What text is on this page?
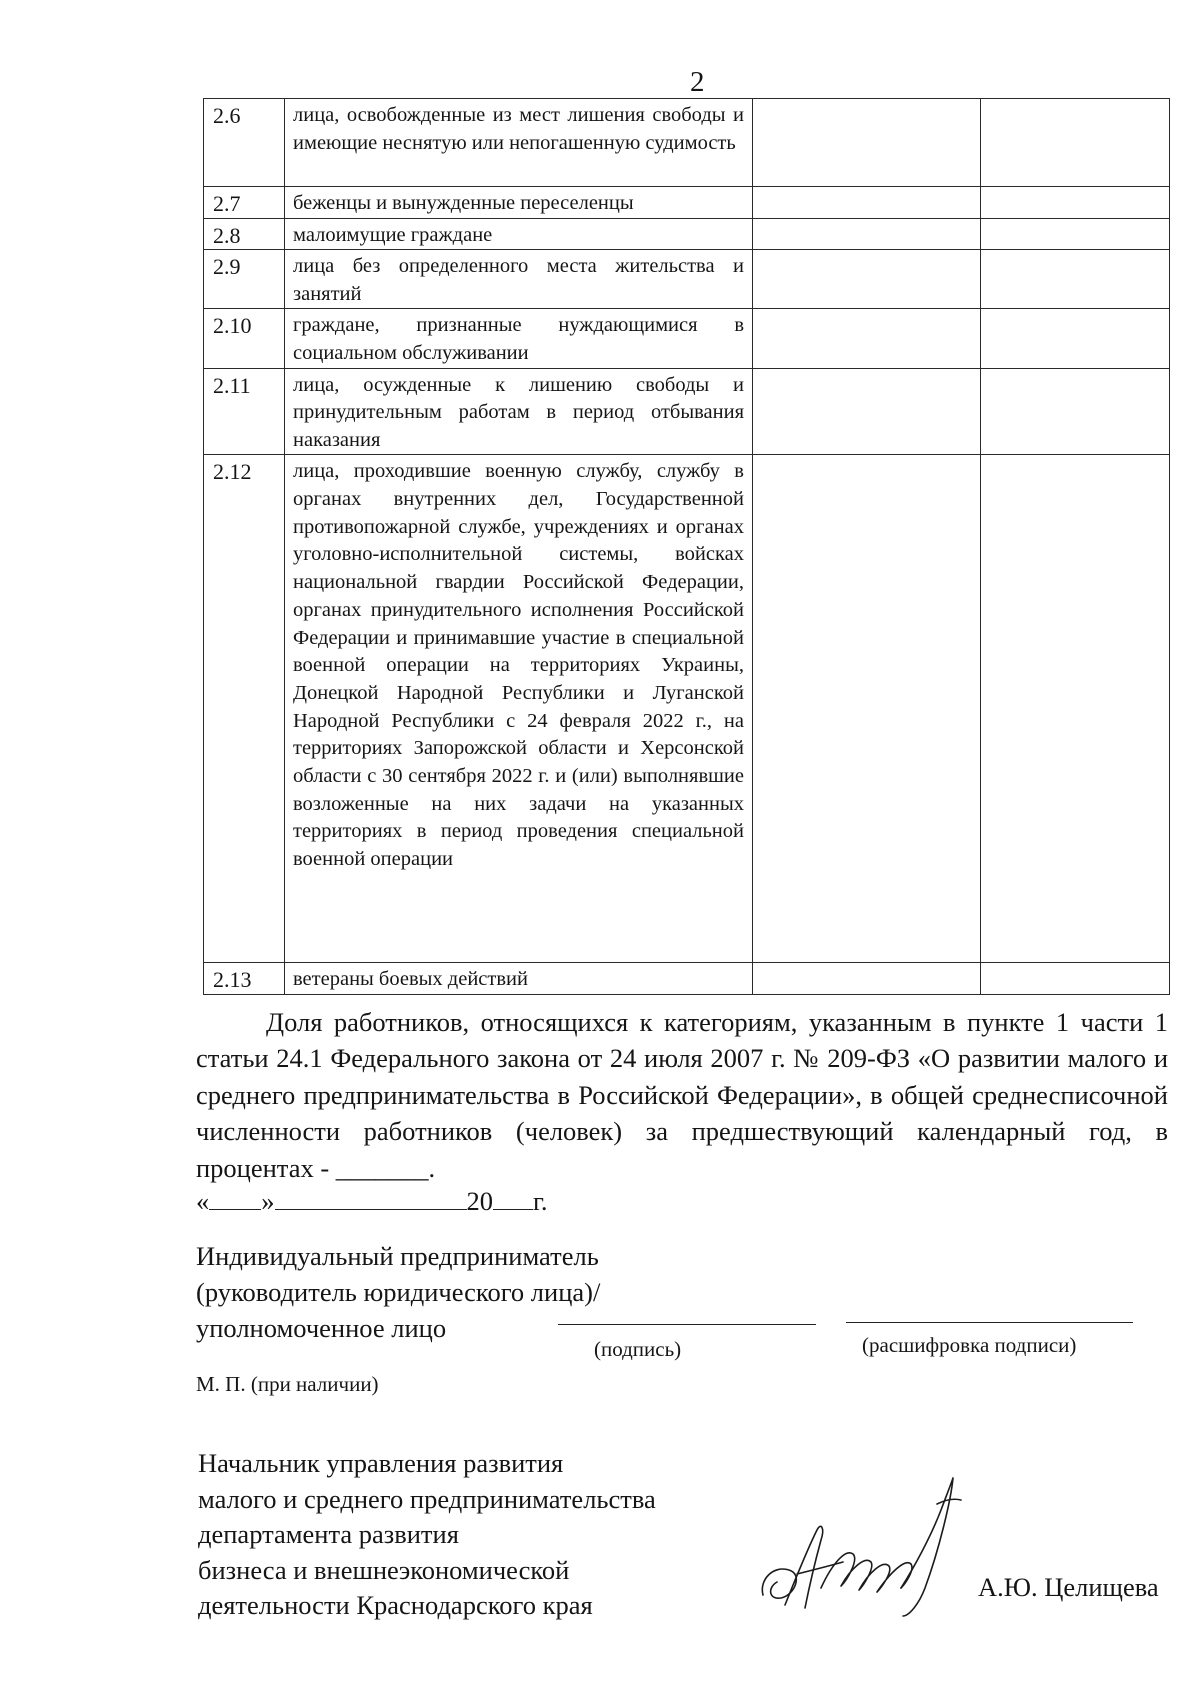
2
2.6	лица, освобожденные из мест лишения свободы и имеющие неснятую или непогашенную судимость		
2.7	беженцы и вынужденные переселенцы		
2.8	малоимущие граждане		
2.9	лица без определенного места жительства и занятий		
2.10	граждане, признанные нуждающимися в социальном обслуживании		
2.11	лица, осужденные к лишению свободы и принудительным работам в период отбывания наказания		
2.12	лица, проходившие военную службу, службу в органах внутренних дел, Государственной противопожарной службе, учреждениях и органах уголовно-исполнительной системы, войсках национальной гвардии Российской Федерации, органах принудительного исполнения Российской Федерации и принимавшие участие в специальной военной операции на территориях Украины, Донецкой Народной Республики и Луганской Народной Республики с 24 февраля 2022 г., на территориях Запорожской области и Херсонской области с 30 сентября 2022 г. и (или) выполнявшие возложенные на них задачи на указанных территориях в период проведения специальной военной операции		
2.13	ветераны боевых действий		
Доля работников, относящихся к категориям, указанным в пункте 1 части 1 статьи 24.1 Федерального закона от 24 июля 2007 г. № 209-ФЗ «О развитии малого и среднего предпринимательства в Российской Федерации», в общей среднесписочной численности работников (человек) за предшествующий календарный год, в процентах - _______.
« »	20 г.
Индивидуальный предприниматель
(руководитель юридического лица)/
уполномоченное лицо
(подпись)	(расшифровка подписи)
М. П. (при наличии)
Начальник управления развития
малого и среднего предпринимательства
департамента развития
бизнеса и внешнеэкономической
деятельности Краснодарского края
А.Ю. Целищева
